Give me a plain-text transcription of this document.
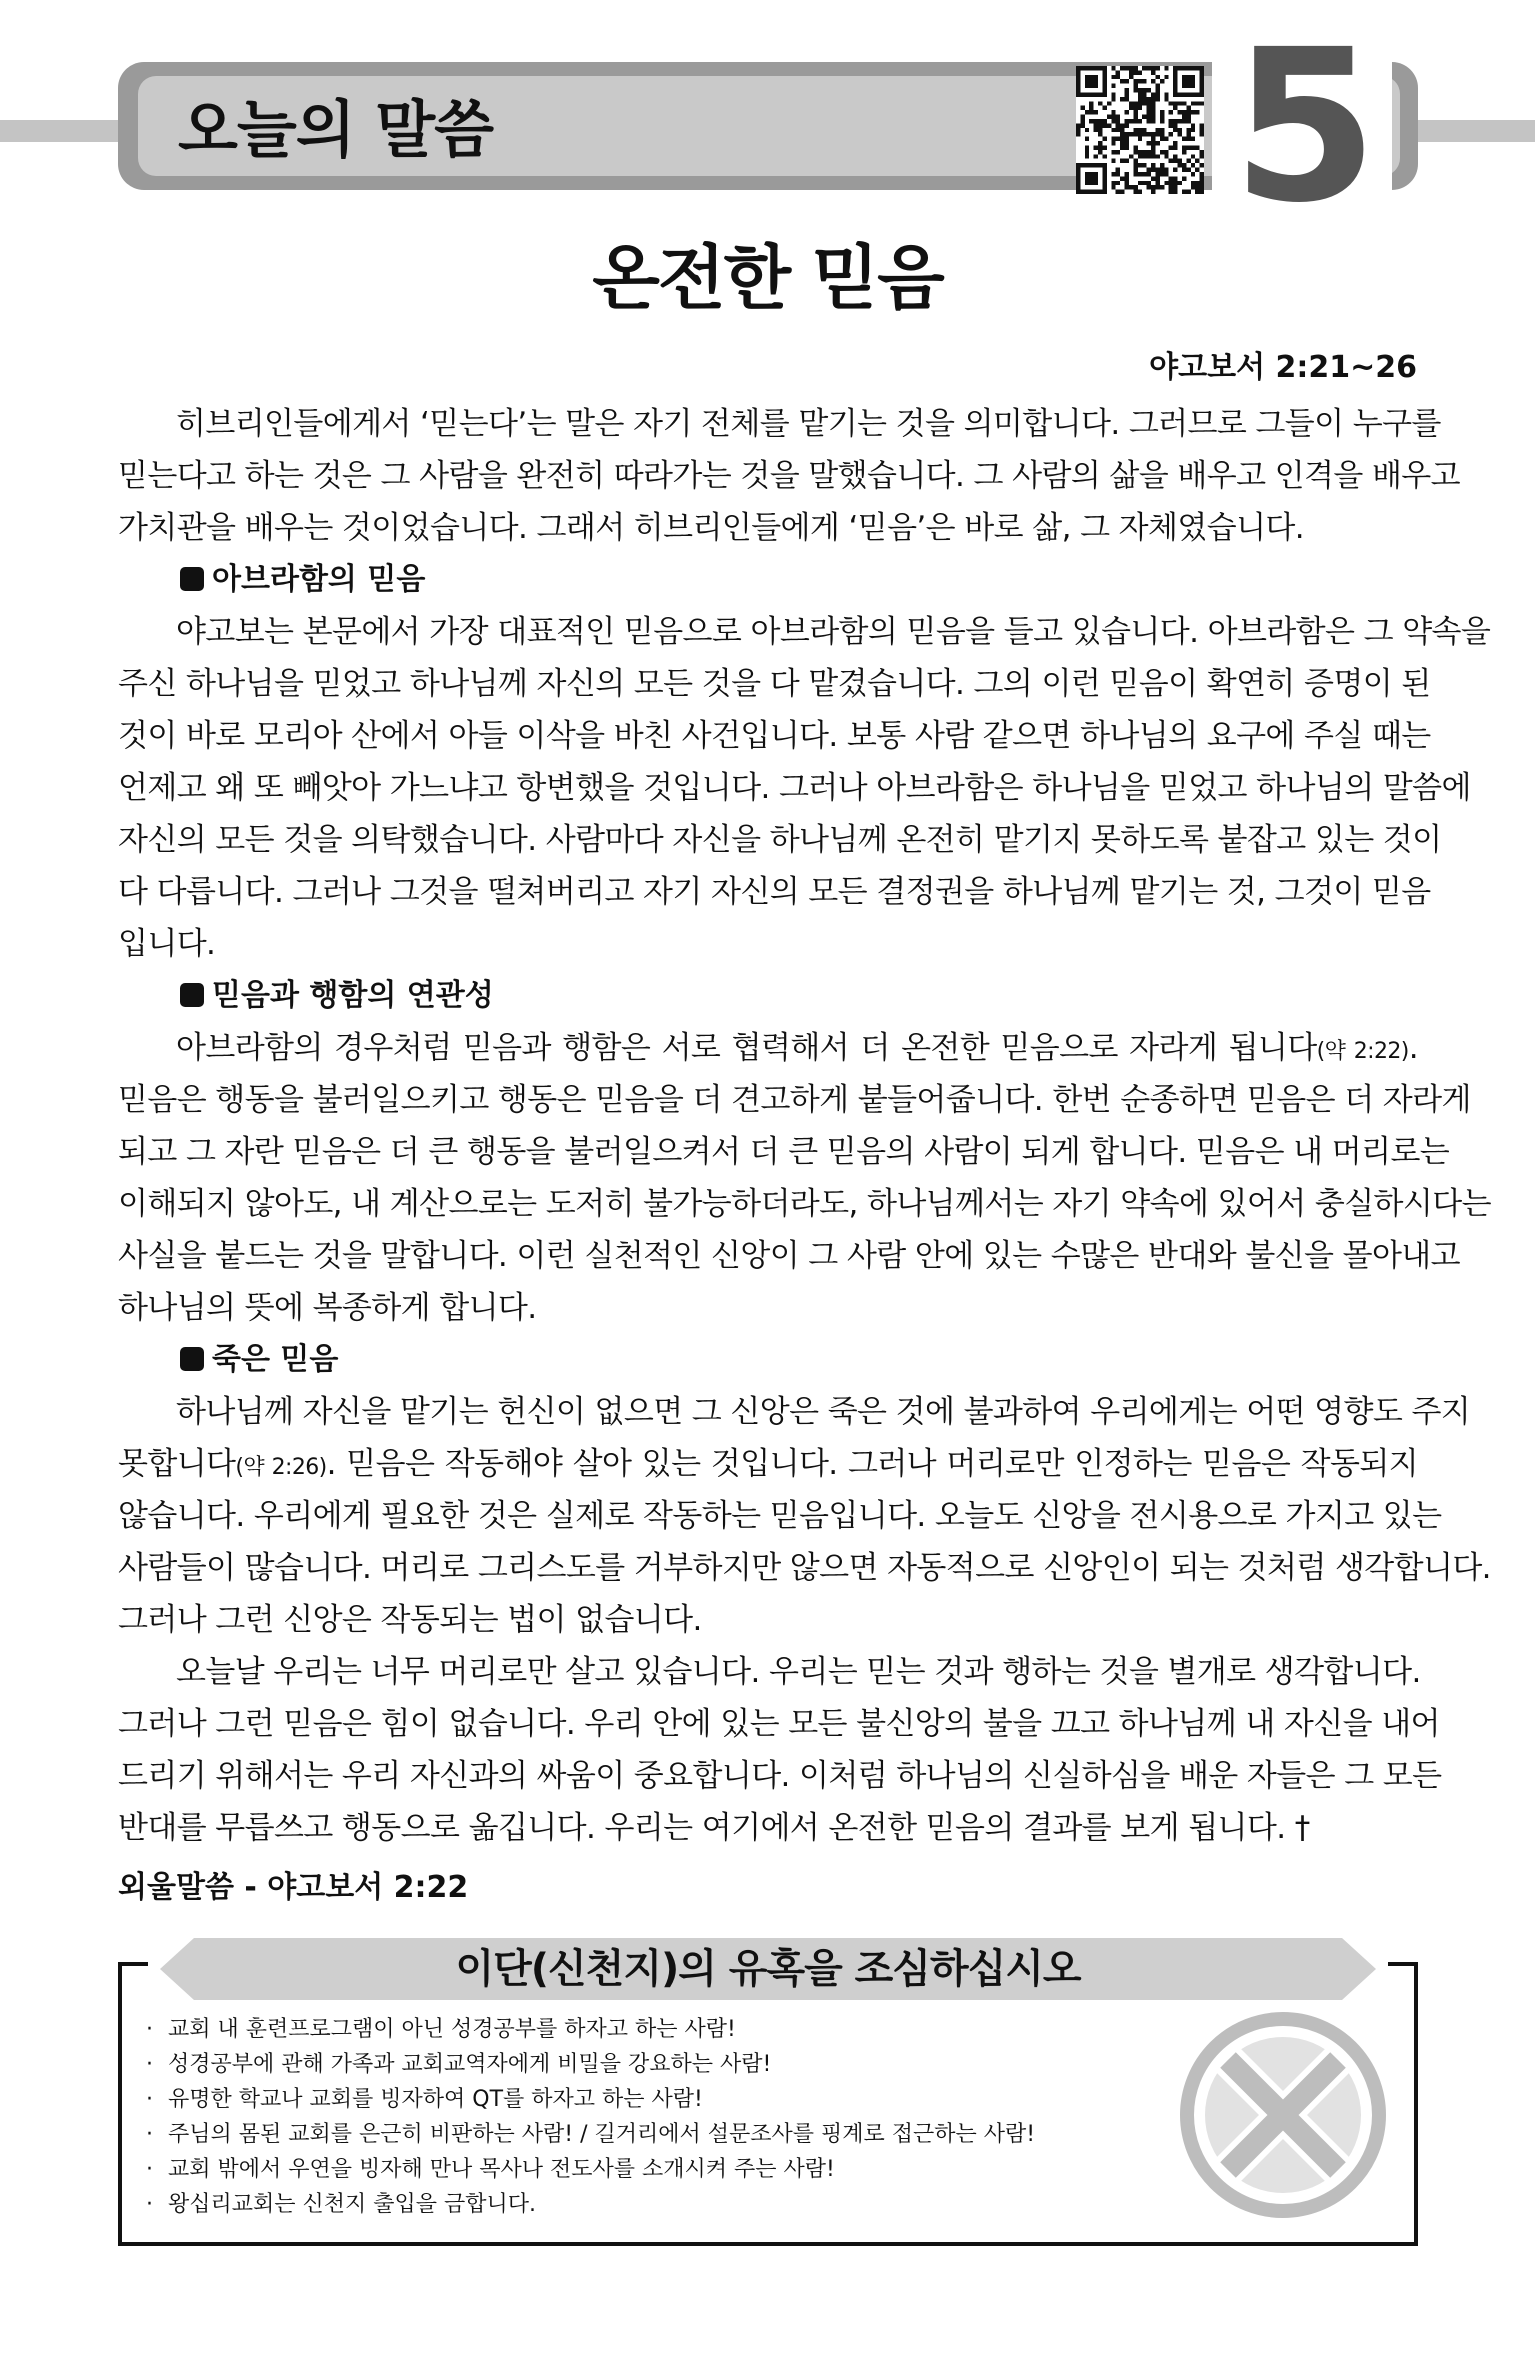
오늘의 말씀	5
온전한 믿음
야고보서 2:21~26
히브리인들에게서 ‘믿는다’는 말은 자기 전체를 맡기는 것을 의미합니다. 그러므로 그들이 누구를
믿는다고 하는 것은 그 사람을 완전히 따라가는 것을 말했습니다. 그 사람의 삶을 배우고 인격을 배우고
가치관을 배우는 것이었습니다. 그래서 히브리인들에게 ‘믿음’은 바로 삶, 그 자체였습니다.
아브라함의 믿음
야고보는 본문에서 가장 대표적인 믿음으로 아브라함의 믿음을 들고 있습니다. 아브라함은 그 약속을
주신 하나님을 믿었고 하나님께 자신의 모든 것을 다 맡겼습니다. 그의 이런 믿음이 확연히 증명이 된
것이 바로 모리아 산에서 아들 이삭을 바친 사건입니다. 보통 사람 같으면 하나님의 요구에 주실 때는
언제고 왜 또 빼앗아 가느냐고 항변했을 것입니다. 그러나 아브라함은 하나님을 믿었고 하나님의 말씀에
자신의 모든 것을 의탁했습니다. 사람마다 자신을 하나님께 온전히 맡기지 못하도록 붙잡고 있는 것이
다 다릅니다. 그러나 그것을 떨쳐버리고 자기 자신의 모든 결정권을 하나님께 맡기는 것, 그것이 믿음
입니다.
믿음과 행함의 연관성
아브라함의 경우처럼 믿음과 행함은 서로 협력해서 더 온전한 믿음으로 자라게 됩니다(약 2:22).
믿음은 행동을 불러일으키고 행동은 믿음을 더 견고하게 붙들어줍니다. 한번 순종하면 믿음은 더 자라게
되고 그 자란 믿음은 더 큰 행동을 불러일으켜서 더 큰 믿음의 사람이 되게 합니다. 믿음은 내 머리로는
이해되지 않아도, 내 계산으로는 도저히 불가능하더라도, 하나님께서는 자기 약속에 있어서 충실하시다는
사실을 붙드는 것을 말합니다. 이런 실천적인 신앙이 그 사람 안에 있는 수많은 반대와 불신을 몰아내고
하나님의 뜻에 복종하게 합니다.
죽은 믿음
하나님께 자신을 맡기는 헌신이 없으면 그 신앙은 죽은 것에 불과하여 우리에게는 어떤 영향도 주지
못합니다(약 2:26). 믿음은 작동해야 살아 있는 것입니다. 그러나 머리로만 인정하는 믿음은 작동되지
않습니다. 우리에게 필요한 것은 실제로 작동하는 믿음입니다. 오늘도 신앙을 전시용으로 가지고 있는
사람들이 많습니다. 머리로 그리스도를 거부하지만 않으면 자동적으로 신앙인이 되는 것처럼 생각합니다.
그러나 그런 신앙은 작동되는 법이 없습니다.
오늘날 우리는 너무 머리로만 살고 있습니다. 우리는 믿는 것과 행하는 것을 별개로 생각합니다.
그러나 그런 믿음은 힘이 없습니다. 우리 안에 있는 모든 불신앙의 불을 끄고 하나님께 내 자신을 내어
드리기 위해서는 우리 자신과의 싸움이 중요합니다. 이처럼 하나님의 신실하심을 배운 자들은 그 모든
반대를 무릅쓰고 행동으로 옮깁니다. 우리는 여기에서 온전한 믿음의 결과를 보게 됩니다. †
외울말씀 - 야고보서 2:22
이단(신천지)의 유혹을 조심하십시오
· 교회 내 훈련프로그램이 아닌 성경공부를 하자고 하는 사람!
· 성경공부에 관해 가족과 교회교역자에게 비밀을 강요하는 사람!
· 유명한 학교나 교회를 빙자하여 QT를 하자고 하는 사람!
· 주님의 몸된 교회를 은근히 비판하는 사람! / 길거리에서 설문조사를 핑계로 접근하는 사람!
· 교회 밖에서 우연을 빙자해 만나 목사나 전도사를 소개시켜 주는 사람!
· 왕십리교회는 신천지 출입을 금합니다.
